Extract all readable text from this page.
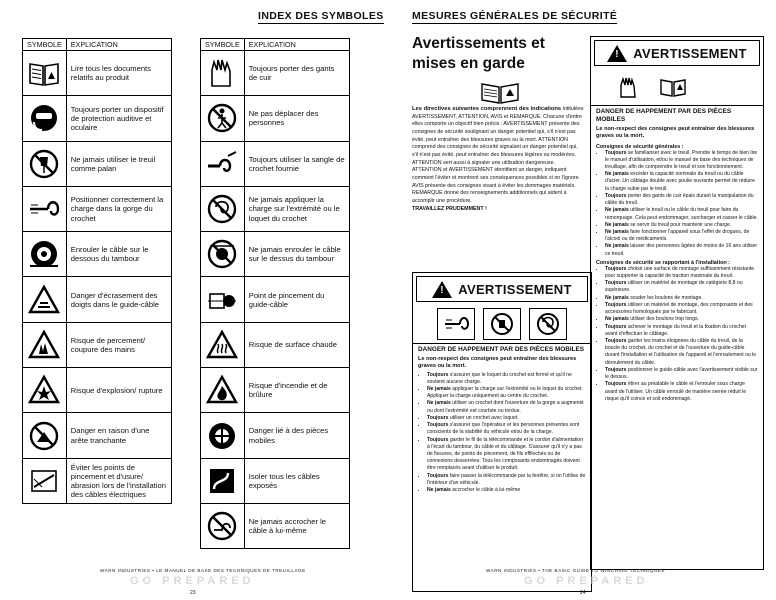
INDEX DES SYMBOLES
SYMBOLE	EXPLICATION

	Lire tous les documents relatifs au produit

	Toujours porter un dispositif de protection auditive et oculaire

	Ne jamais utiliser le treuil comme palan

	Positionner correctement la charge dans la gorge du crochet

	Enrouler le câble sur le dessous du tambour

	Danger d'écrasement des doigts dans le guide-câble

	Risque de percement/ coupure des mains

	Risque d'explosion/ rupture

	Danger en raison d'une arête tranchante

	Éviter les points de pincement et d'usure/ abrasion lors de l'installation des câbles électriques
SYMBOLE	EXPLICATION

	Toujours porter des gants de cuir

	Ne pas déplacer des personnes

	Toujours utiliser la sangle de crochet fournie

	Ne jamais appliquer la charge sur l'extrémité ou le loquet du crochet

	Ne jamais enrouler le câble sur le dessus du tambour

	Point de pincement du guide-câble

	Risque de surface chaude

	Risque d'incendie et de brûlure

	Danger lié à des pièces mobiles

	Isoler tous les câbles exposés

	Ne jamais accrocher le câble à lui-même
WARN INDUSTRIES • LE MANUEL DE BASE DES TECHNIQUES DE TREUILLAGE
GO PREPARED
23
MESURES GÉNÉRALES DE SÉCURITÉ
Avertissements et mises en garde

Les directives suivantes comprennent des indications intitulées AVERTISSEMENT, ATTENTION, AVIS et REMARQUE. Chacune d'entre elles comporte un objectif bien précis : AVERTISSEMENT présente des consignes de sécurité soulignant un danger potentiel qui, s'il n'est pas évité, peut entraîner des blessures graves ou la mort. ATTENTION comprend des consignes de sécurité signalant un danger potentiel qui, s'il n'est pas évité, peut entraîner des blessures légères ou modérées. ATTENTION sert aussi à signaler une utilisation dangereuse. ATTENTION et AVERTISSEMENT identifient un danger, indiquent comment l'éviter et montrent ses conséquences possibles si on l'ignore. AVIS présente des consignes visant à éviter les dommages matériels. REMARQUE donne des renseignements additionnels qui aident à accomplir une procédure.

TRAVAILLEZ PRUDEMMENT !

! AVERTISSEMENT
DANGER DE HAPPEMENT PAR DES PIÈCES MOBILES
Le non-respect des consignes peut entraîner des blessures graves ou la mort.
• Toujours s'assurer que le loquet du crochet est fermé et qu'il ne soutient aucune charge.
• Ne jamais appliquer la charge sur l'extrémité ou le loquet du crochet. Appliquer la charge uniquement au centre du crochet.
• Ne jamais utiliser un crochet dont l'ouverture de la gorge a augmenté ou dont l'extrémité est courbée ou tordue.
• Toujours utiliser un crochet avec loquet.
• Toujours s'assurer que l'opérateur et les personnes présentes sont conscients de la stabilité du véhicule et/ou de la charge.
• Toujours garder le fil de la télécommande et le cordon d'alimentation à l'écart du tambour, du câble et du câblage. S'assurer qu'il n'y a pas de fissures, de points de pincement, de fils effilochés ou de connexions desserrées. Tous les composants endommagés doivent être remplacés avant d'utiliser le produit.
• Toujours faire passer la télécommande par la fenêtre, si on l'utilise de l'intérieur d'un véhicule.
• Ne jamais accrocher le câble à lui-même
! AVERTISSEMENT
DANGER DE HAPPEMENT PAR DES PIÈCES MOBILES
Le non-respect des consignes peut entraîner des blessures graves ou la mort.
Consignes de sécurité générales :
• Toujours se familiariser avec le treuil. Prendre le temps de bien lire le manuel d'utilisation, et/ou le manuel de base des techniques de treuillage, afin de comprendre le treuil et son fonctionnement.
• Ne jamais excéder la capacité nominale du treuil ou du câble d'acier. Un câblage double avec poulie ouvrante permet de réduire la charge subie par le treuil.
• Toujours porter des gants de cuir épais durant la manipulation du câble du treuil.
• Ne jamais utiliser le treuil ou le câble du treuil pour faire du remorquage. Cela peut endommager, surcharger et casser le câble.
• Ne jamais se servir du treuil pour maintenir une charge.
• Ne jamais faire fonctionner l'appareil sous l'effet de drogues, de l'alcool ou de médicaments.
• Ne jamais laisser des personnes âgées de moins de 16 ans utiliser ce treuil.
Consignes de sécurité se rapportant à l'installation :
• Toujours choisir une surface de montage suffisamment résistante pour supporter la capacité de traction maximale du treuil.
• Toujours utiliser un matériel de montage de catégorie 8,8 ou supérieure.
• Ne jamais souder les boulons de montage.
• Toujours utiliser un matériel de montage, des composants et des accessoires homologués par le fabricant.
• Ne jamais utiliser des boulons trop longs.
• Toujours achever le montage du treuil et la fixation du crochet avant d'effectuer le câblage.
• Toujours garder les mains éloignées du câble du treuil, de la boucle du crochet, du crochet et de l'ouverture du guide-câble durant l'installation et l'utilisation de l'appareil et l'enroulement ou le déroulement du câble.
• Toujours positionner le guide-câble avec l'avertissement visible sur le dessus.
• Toujours étirer au préalable le câble et l'enrouler sous charge avant de l'utiliser. Un câble enroulé de manière serrée réduit le risque qu'il coince et soit endommagé.
WARN INDUSTRIES • THE BASIC GUIDE TO WINCHING TECHNIQUES
GO PREPARED
24
